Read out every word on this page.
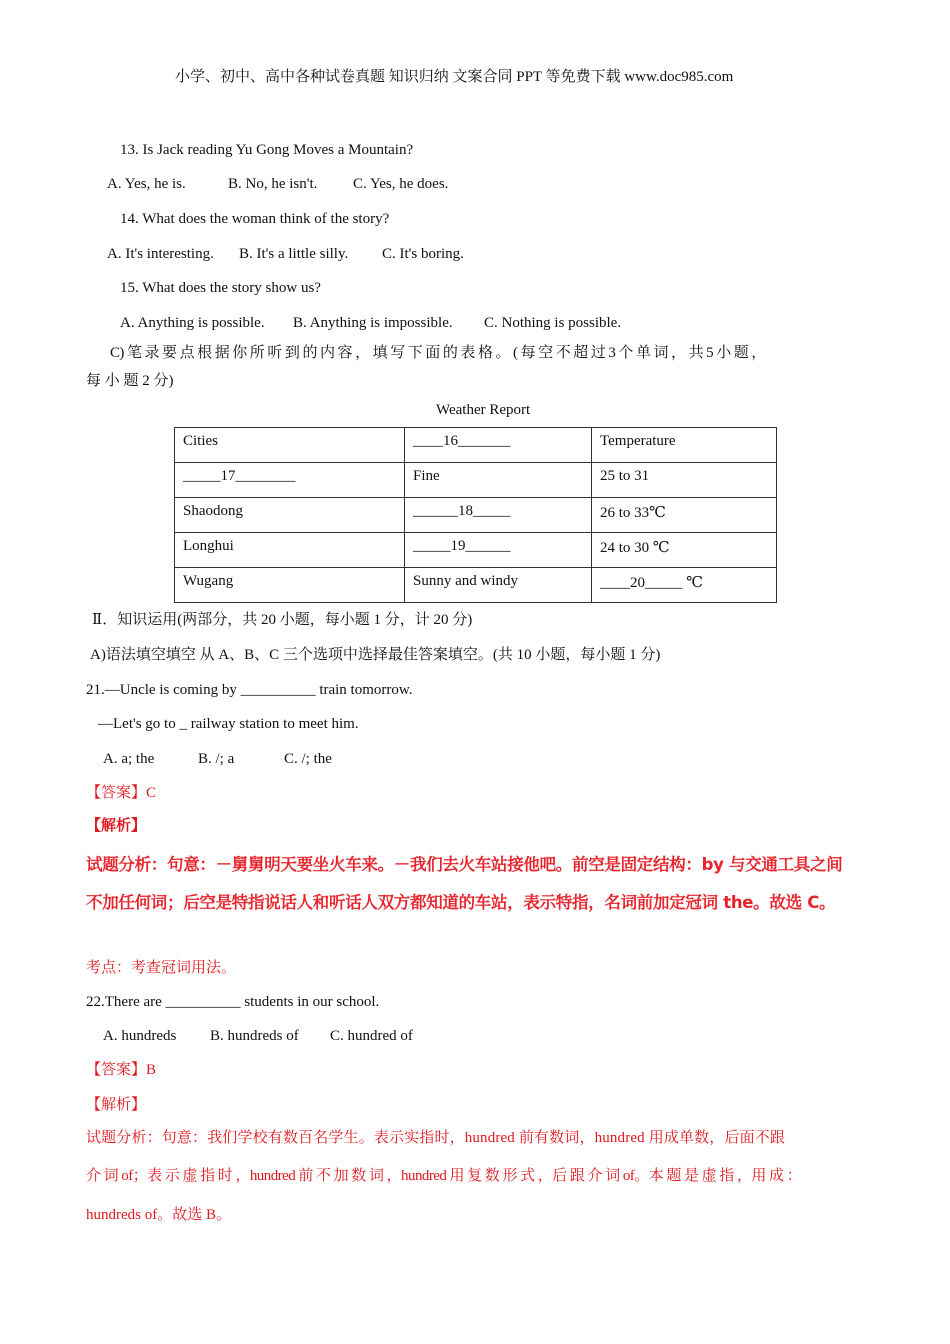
小学、初中、高中各种试卷真题 知识归纳 文案合同 PPT 等免费下载 www.doc985.com
13. Is Jack reading Yu Gong Moves a Mountain?
A. Yes, he is.	B. No, he isn't. C. Yes, he does.
14. What does the woman think of the story?
A. It's interesting. B. It's a little silly. C. It's boring.
15. What does the story show us?
A. Anything is possible. B. Anything is impossible. C. Nothing is possible.
C) 笔 录 要 点 根 据 你 所 听 到 的 内 容 ， 填 写 下 面 的 表 格 。 ( 每 空 不 超 过 3 个 单 词 ， 共 5 小 题 ，
每 小 题 2 分)
Weather Report
Cities	____16_______	Temperature
_____17________	Fine	25 to 31
Shaodong	______18_____	26 to 33℃
Longhui	_____19______	24 to 30 ℃
Wugang	Sunny and windy	____20_____ ℃
Ⅱ．知识运用(两部分，共 20 小题，每小题 1 分，计 20 分)
A)语法填空填空 从 A、B、C 三个选项中选择最佳答案填空。(共 10 小题，每小题 1 分)
21.—Uncle is coming by __________ train tomorrow.
—Let's go to _ railway station to meet him.
A. a; the	B. /; a	C. /; the
【答案】C
【解析】
试题分析：句意：－舅舅明天要坐火车来。－我们去火车站接他吧。前空是固定结构：by 与交通工具之间
不加任何词；后空是特指说话人和听话人双方都知道的车站，表示特指，名词前加定冠词 the。故选 C。
考点：考查冠词用法。
22.There are __________ students in our school.
A. hundreds B. hundreds of C. hundred of
【答案】B
【解析】
试题分析：句意：我们学校有数百名学生。表示实指时，hundred 前有数词，hundred 用成单数，后面不跟
介 词 of；表 示 虚 指 时 ，hundred 前 不 加 数 词 ，hundred 用 复 数 形 式 ，后 跟 介 词 of。本 题 是 虚 指 ，用 成 ：
hundreds of。故选 B。
